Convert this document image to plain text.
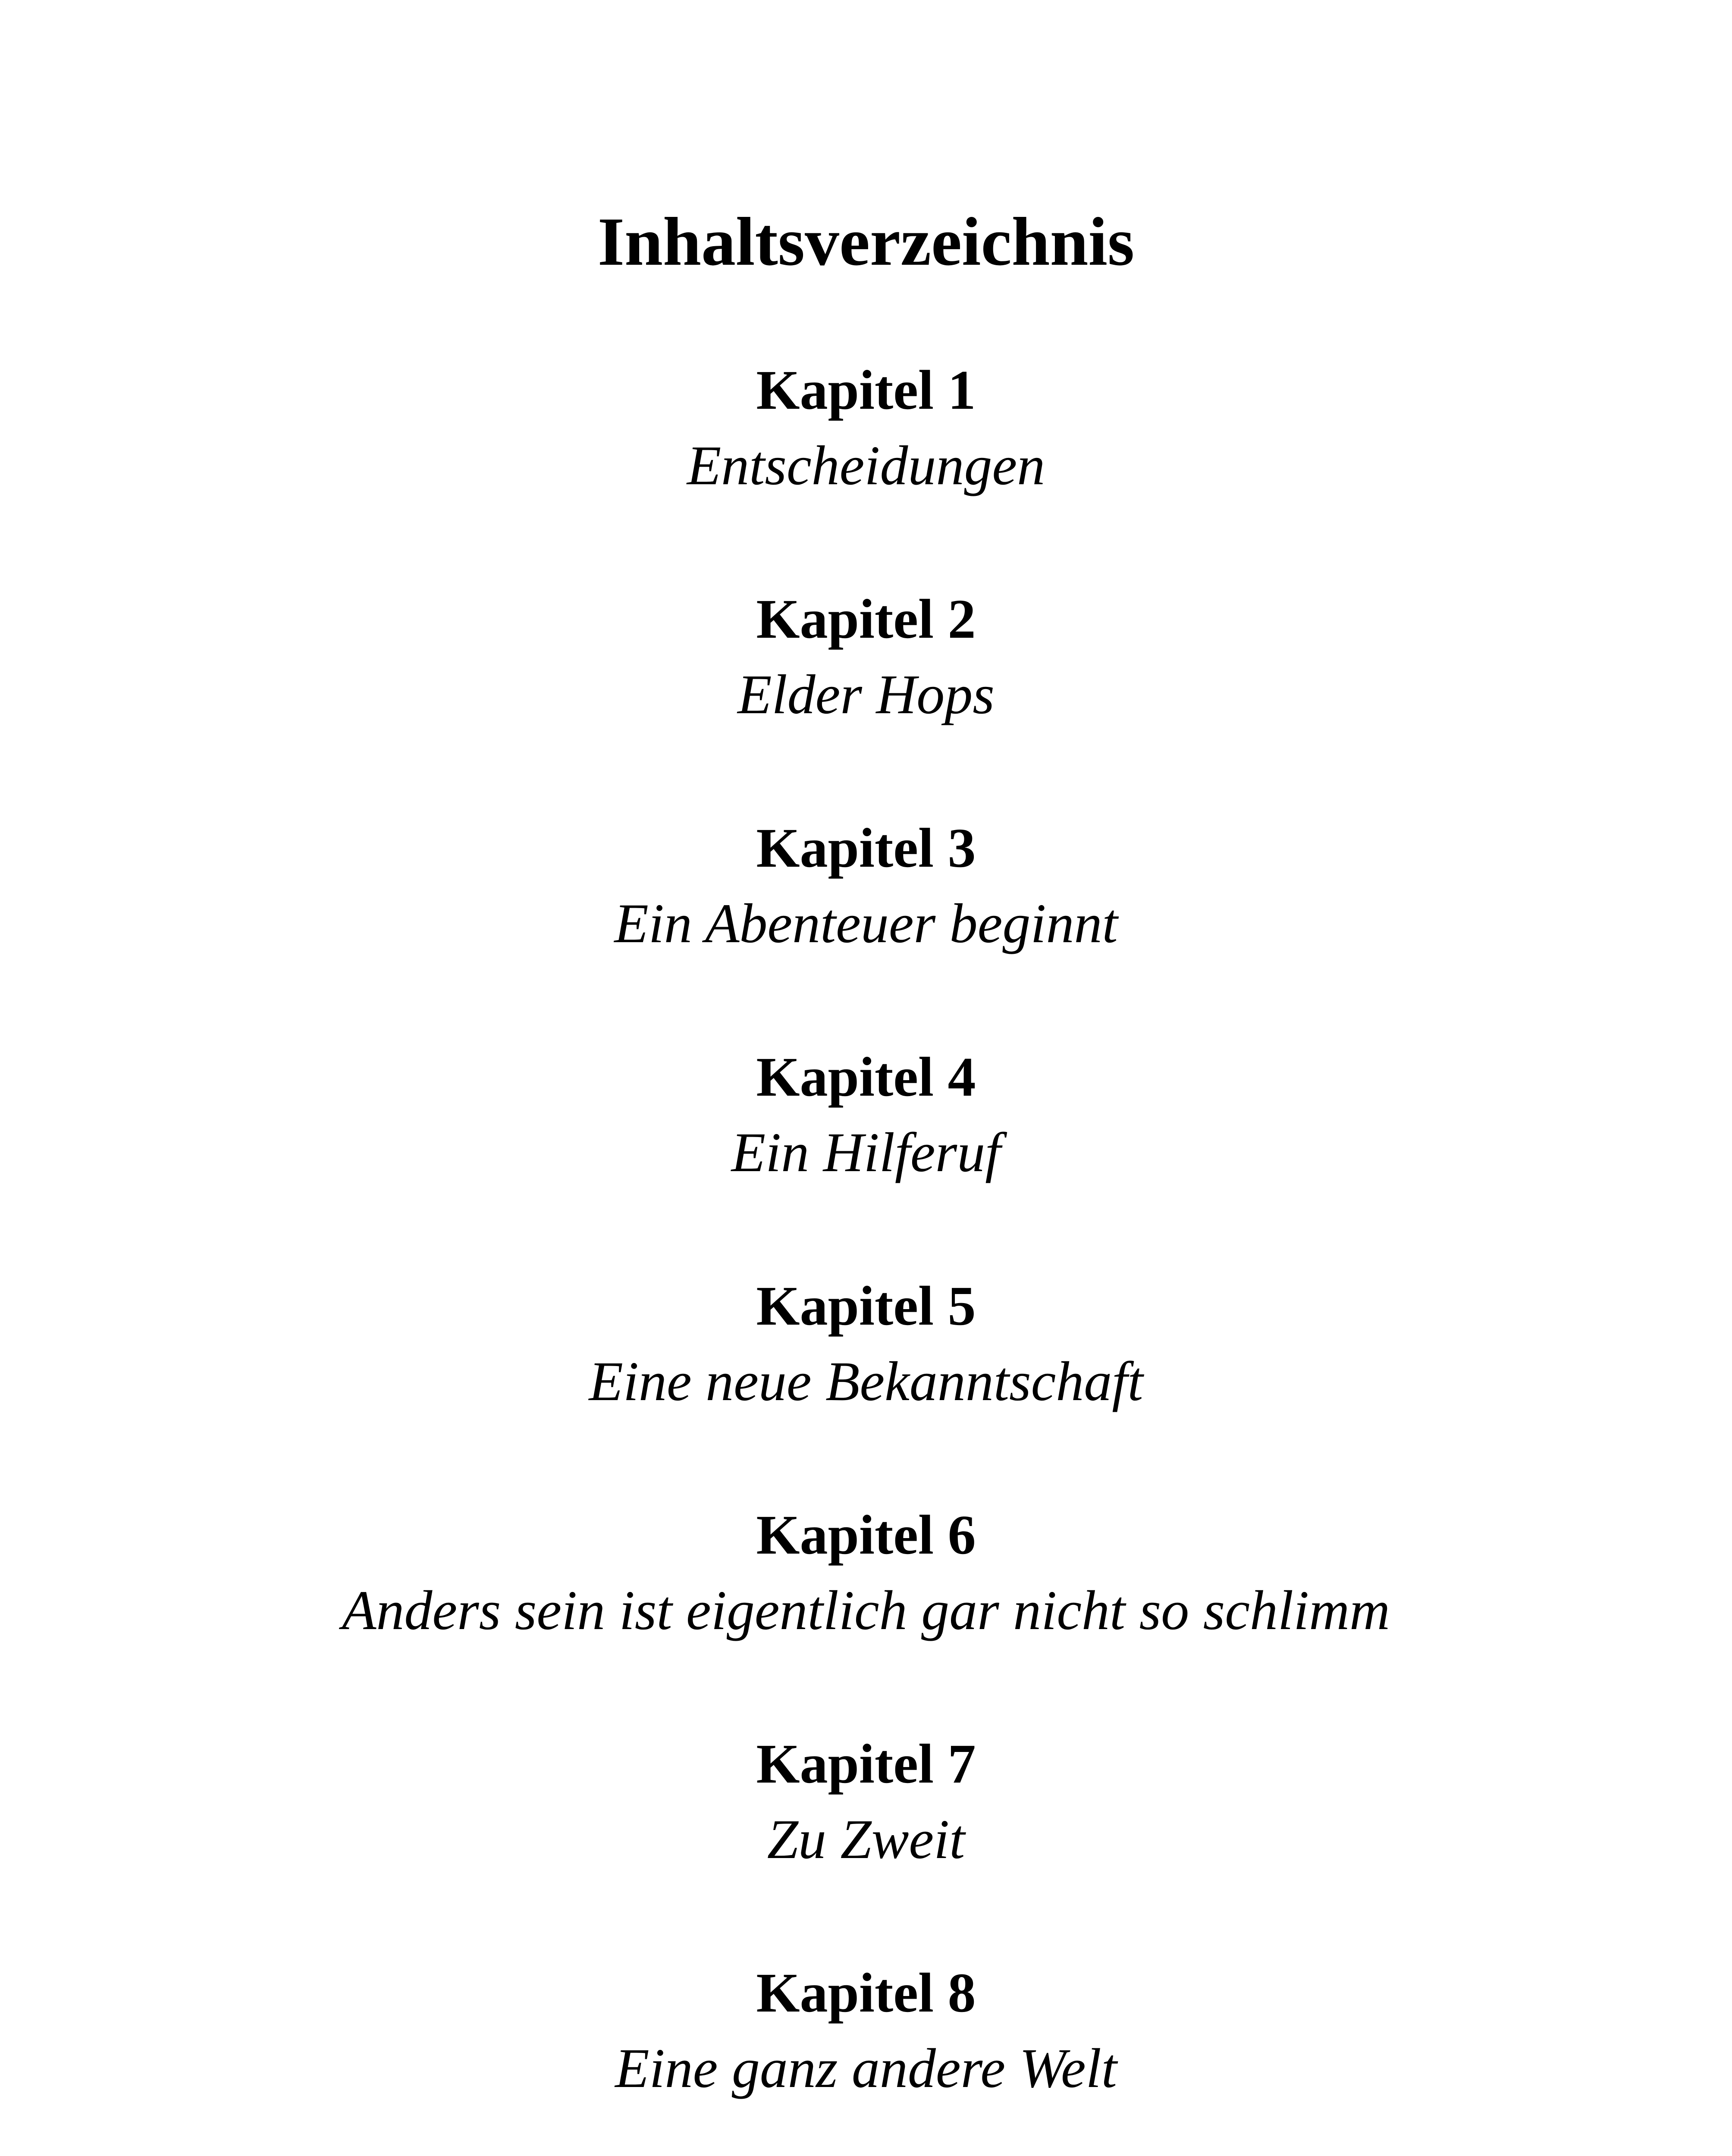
Inhaltsverzeichnis
Kapitel 1
Entscheidungen
Kapitel 2
Elder Hops
Kapitel 3
Ein Abenteuer beginnt
Kapitel 4
Ein Hilferuf
Kapitel 5
Eine neue Bekanntschaft
Kapitel 6
Anders sein ist eigentlich gar nicht so schlimm
Kapitel 7
Zu Zweit
Kapitel 8
Eine ganz andere Welt
